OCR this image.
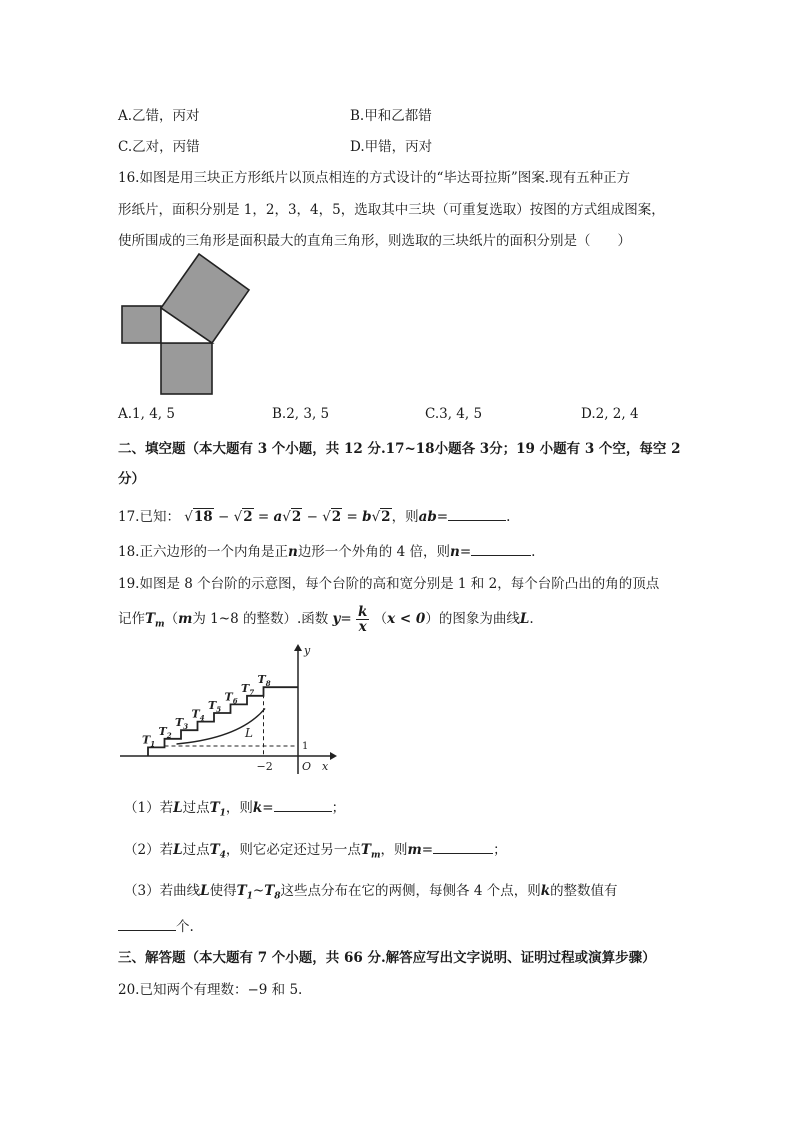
A.乙错，丙对	B.甲和乙都错
C.乙对，丙错	D.甲错，丙对
16.如图是用三块正方形纸片以顶点相连的方式设计的“毕达哥拉斯”图案.现有五种正方
形纸片，面积分别是 1，2，3，4，5，选取其中三块（可重复选取）按图的方式组成图案，
使所围成的三角形是面积最大的直角三角形，则选取的三块纸片的面积分别是（　　）
A.1, 4, 5	B.2, 3, 5	C.3, 4, 5	D.2, 2, 4
二、填空题（本大题有 3 个小题，共 12 分.17~18小题各 3分；19 小题有 3 个空，每空 2
分）
17.已知： √18 − √2 = a√2 − √2 = b√2，则ab=	.
18.正六边形的一个内角是正n边形一个外角的 4 倍，则n=	.
19.如图是 8 个台阶的示意图，每个台阶的高和宽分别是 1 和 2，每个台阶凸出的角的顶点
记作$T_m(m$为 1~8 的整数）.函数 $y= \frac{k}{x} (x < 0)$的图象为曲线L.
$T_1$
$T_2$
$T_3$
$T_4$
$T_5$
$T_6$
$T_7$
$T_8$
L
y
x
O
−2
1
（1）若L过点$T_1$，则k=	；
（2）若L过点$T_4$，则它必定还过另一点$T_m$，则m=	；
（3）若曲线L使得$T_1\sim T_8$这些点分布在它的两侧，每侧各 4 个点，则k的整数值有
个.
三、解答题（本大题有 7 个小题，共 66 分.解答应写出文字说明、证明过程或演算步骤）
20.已知两个有理数：−9 和 5.
